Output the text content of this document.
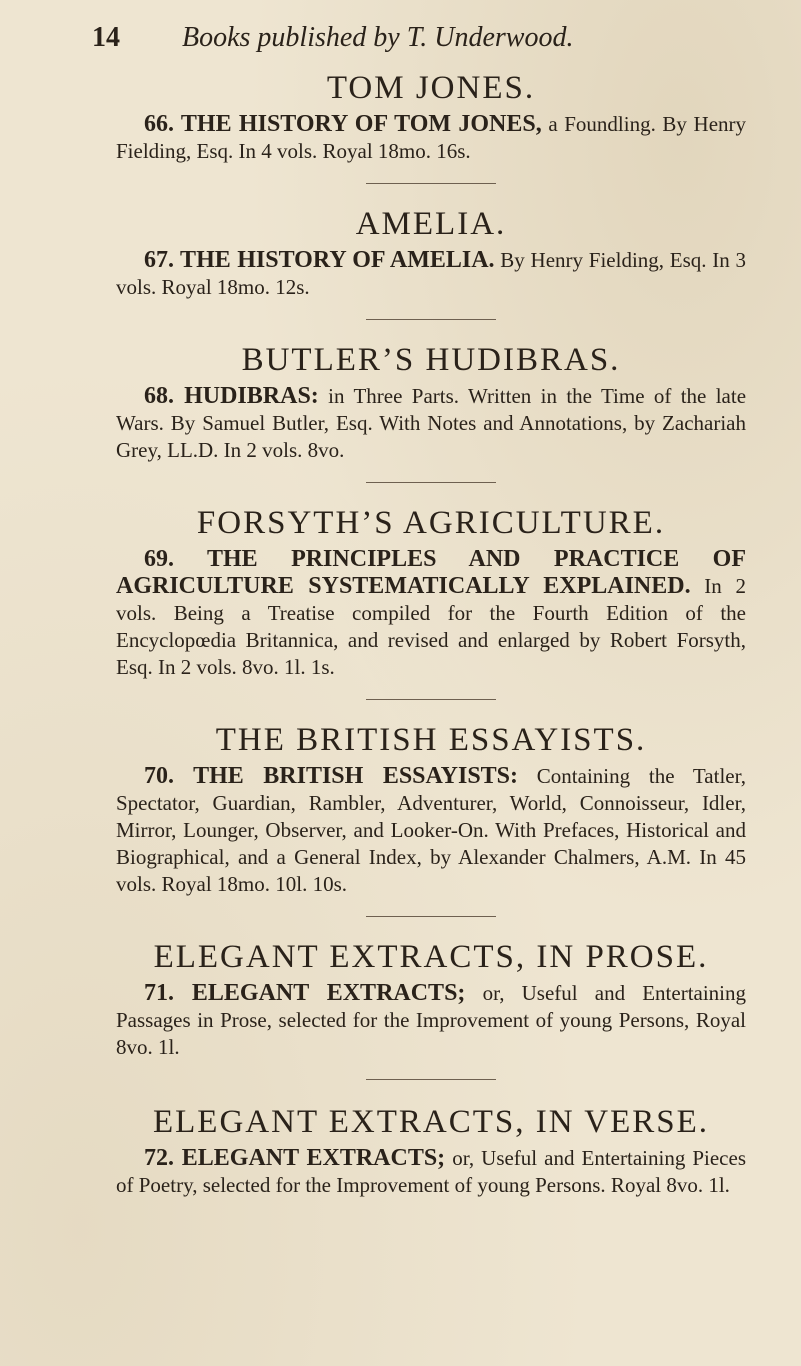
14 Books published by T. Underwood.
TOM JONES.

66. THE HISTORY OF TOM JONES, a Foundling. By Henry Fielding, Esq. In 4 vols. Royal 18mo. 16s.

AMELIA.

67. THE HISTORY OF AMELIA. By Henry Fielding, Esq. In 3 vols. Royal 18mo. 12s.

BUTLER’S HUDIBRAS.

68. HUDIBRAS: in Three Parts. Written in the Time of the late Wars. By Samuel Butler, Esq. With Notes and Annotations, by Zachariah Grey, LL.D. In 2 vols. 8vo.

FORSYTH’S AGRICULTURE.

69. THE PRINCIPLES AND PRACTICE OF AGRICULTURE SYSTEMATICALLY EXPLAINED. In 2 vols. Being a Treatise compiled for the Fourth Edition of the Encyclopœdia Britannica, and revised and enlarged by Robert Forsyth, Esq. In 2 vols. 8vo. 1l. 1s.

THE BRITISH ESSAYISTS.

70. THE BRITISH ESSAYISTS: Containing the Tatler, Spectator, Guardian, Rambler, Adventurer, World, Connoisseur, Idler, Mirror, Lounger, Observer, and Looker-On. With Prefaces, Historical and Biographical, and a General Index, by Alexander Chalmers, A.M. In 45 vols. Royal 18mo. 10l. 10s.

ELEGANT EXTRACTS, IN PROSE.

71. ELEGANT EXTRACTS; or, Useful and Entertaining Passages in Prose, selected for the Improvement of young Persons, Royal 8vo. 1l.

ELEGANT EXTRACTS, IN VERSE.

72. ELEGANT EXTRACTS; or, Useful and Entertaining Pieces of Poetry, selected for the Improvement of young Persons. Royal 8vo. 1l.
